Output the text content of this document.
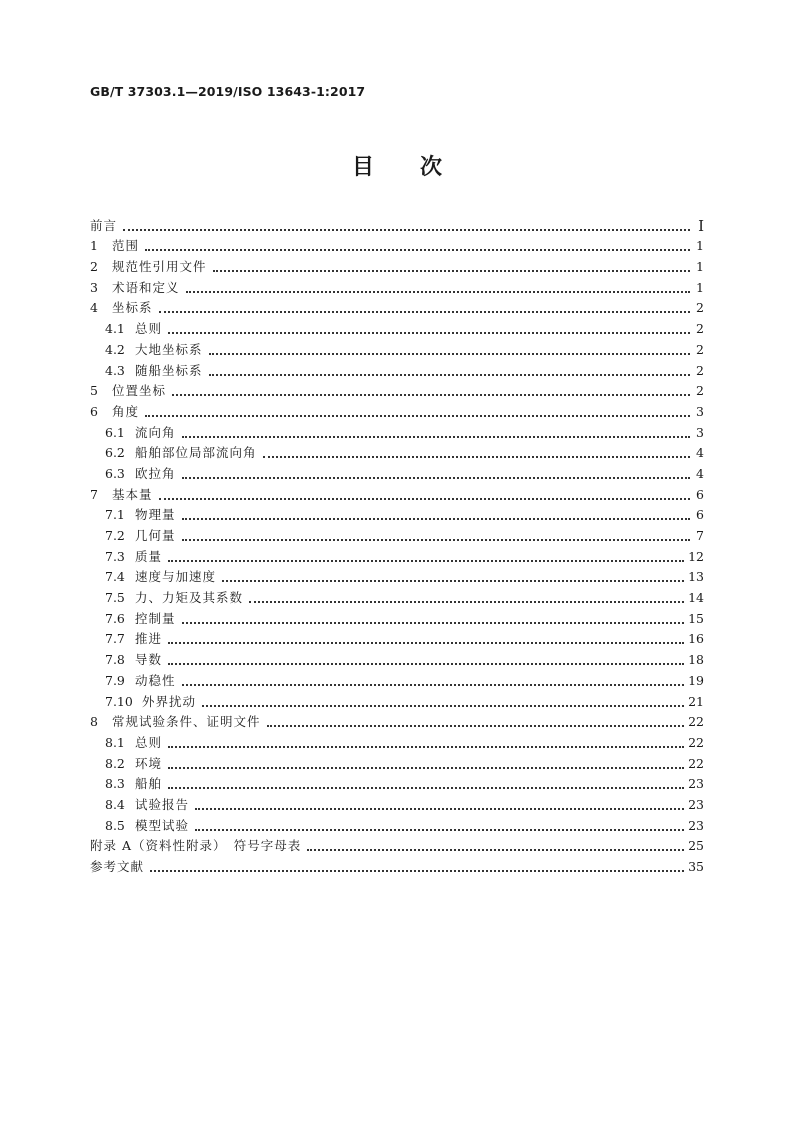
GB/T 37303.1—2019/ISO 13643-1:2017
目 次
前言	Ⅰ
1	范围	1
2	规范性引用文件	1
3	术语和定义	1
4	坐标系	2
4.1 总则	2
4.2 大地坐标系	2
4.3 随船坐标系	2
5	位置坐标	2
6	角度	3
6.1 流向角	3
6.2 船舶部位局部流向角	4
6.3 欧拉角	4
7	基本量	6
7.1 物理量	6
7.2 几何量	7
7.3 质量	12
7.4 速度与加速度	13
7.5 力、力矩及其系数	14
7.6 控制量	15
7.7 推进	16
7.8 导数	18
7.9 动稳性	19
7.10 外界扰动	21
8	常规试验条件、证明文件	22
8.1 总则	22
8.2 环境	22
8.3 船舶	23
8.4 试验报告	23
8.5 模型试验	23
附录 A（资料性附录）　符号字母表	25
参考文献	35
